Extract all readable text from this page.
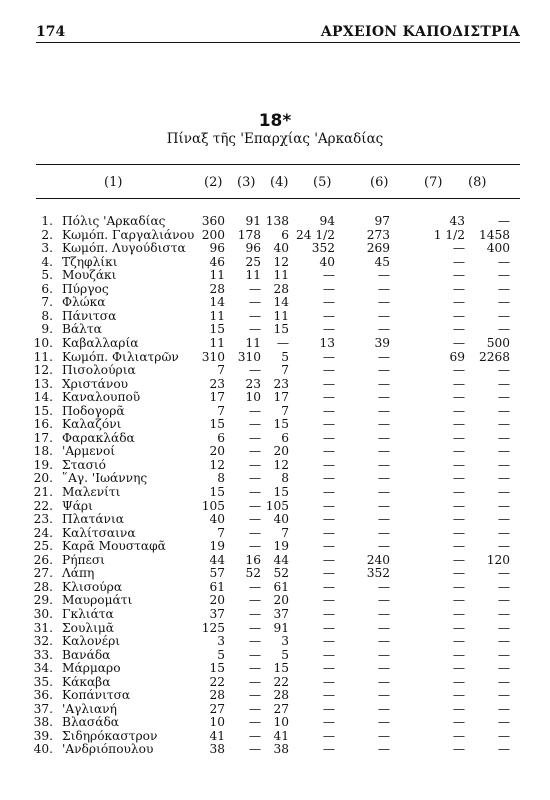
174	ΑΡΧΕΙΟΝ ΚΑΠΟΔΙΣΤΡΙΑ
18*
Πίναξ τῆς 'Επαρχίας 'Αρκαδίας
(1)	(2) (3) (4) (5)	(6)	(7) (8)
1. Πόλις 'Αρκαδίας	360 91 138 94	97	43	—
2. Κωμόπ. Γαργαλιάνου 200 178 6 24 1/2	273	1 1/2 1458
3. Κωμόπ. Λυγούδιστα 96 96 40 352	269	— 400
4. Τζηφλίκι	46 25 12 40	45	—	—
5. Μουζάκι	11 11 11	—	—	—	—
6. Πύργος	28 — 28	—	—	—	—
7. Φλώκα	14 — 14	—	—	—	—
8. Πάνιτσα	11 — 11	—	—	—	—
9. Βάλτα	15 — 15	—	—	—	—
10. Καβαλλαρία	11 11 — 13	39	— 500
11. Κωμόπ. Φιλιατρῶν 310 310 5	—	—	69 2268
12. Πισολούρια	7 — 7	—	—	—	—
13. Χριστάνου	23 23 23	—	—	—	—
14. Καναλουποῦ	17 10 17	—	—	—	—
15. Ποδογορᾶ	7 — 7	—	—	—	—
16. Καλαζόνι	15 — 15	—	—	—	—
17. Φαρακλάδα	6 — 6	—	—	—	—
18. 'Αρμενοί	20 — 20	—	—	—	—
19. Στασιό	12 — 12	—	—	—	—
20. ῞Αγ. 'Ιωάννης	8 — 8	—	—	—	—
21. Μαλενίτι	15 — 15	—	—	—	—
22. Ψάρι	105 — 105	—	—	—	—
23. Πλατάνια	40 — 40	—	—	—	—
24. Καλίτσαινα	7 — 7	—	—	—	—
25. Καρᾶ Μουσταφᾶ	19 — 19	—	—	—	—
26. Ρήπεσι	44 16 44	—	240	— 120
27. Λάπη	57 52 52	—	352	—	—
28. Κλισούρα	61 — 61	—	—	—	—
29. Μαυρομάτι	20 — 20	—	—	—	—
30. Γκλιάτα	37 — 37	—	—	—	—
31. Σουλιμᾶ	125 — 91	—	—	—	—
32. Καλονέρι	3 — 3	—	—	—	—
33. Βανάδα	5 — 5	—	—	—	—
34. Μάρμαρο	15 — 15	—	—	—	—
35. Κάκαβα	22 — 22	—	—	—	—
36. Κοπάνιτσα	28 — 28	—	—	—	—
37. 'Αγλιανή	27 — 27	—	—	—	—
38. Βλασάδα	10 — 10	—	—	—	—
39. Σιδηρόκαστρον	41 — 41	—	—	—	—
40. 'Ανδριόπουλου	38 — 38	—	—	—	—
